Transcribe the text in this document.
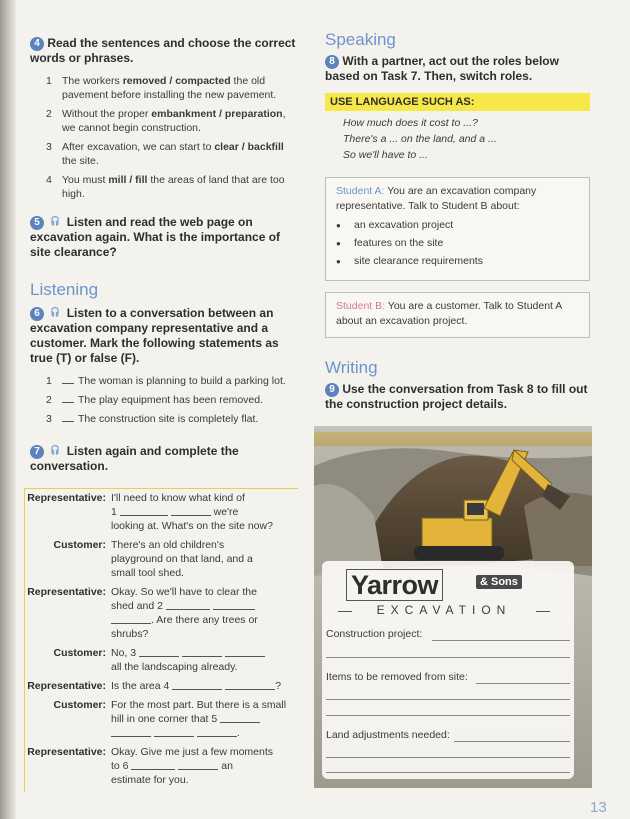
4 Read the sentences and choose the correct words or phrases.
1 The workers removed / compacted the old pavement before installing the new pavement.
2 Without the proper embankment / preparation, we cannot begin construction.
3 After excavation, we can start to clear / backfill the site.
4 You must mill / fill the areas of land that are too high.
5 Listen and read the web page on excavation again. What is the importance of site clearance?
Listening
6 Listen to a conversation between an excavation company representative and a customer. Mark the following statements as true (T) or false (F).
1 The woman is planning to build a parking lot.
2 The play equipment has been removed.
3 The construction site is completely flat.
7 Listen again and complete the conversation.
Representative: I'll need to know what kind of
1	we're
looking at. What's on the site now?
Customer: There's an old children's playground on that land, and a small tool shed.
Representative: Okay. So we'll have to clear the
shed and 2
. Are there any trees or
shrubs?
Customer: No, 3
all the landscaping already.
Representative: Is the area 4	?
Customer: For the most part. But there is a small
hill in one corner that 5
.
Representative: Okay. Give me just a few moments
to 6	an
estimate for you.
Speaking
8 With a partner, act out the roles below based on Task 7. Then, switch roles.
USE LANGUAGE SUCH AS:
How much does it cost to ...?
There's a ... on the land, and a ...
So we'll have to ...
Student A: You are an excavation company representative. Talk to Student B about:
● an excavation project
● features on the site
● site clearance requirements
Student B: You are a customer. Talk to Student A about an excavation project.
Writing
9 Use the conversation from Task 8 to fill out the construction project details.
Yarrow	& Sons
EXCAVATION
Construction project:
Items to be removed from site:
Land adjustments needed:
13
